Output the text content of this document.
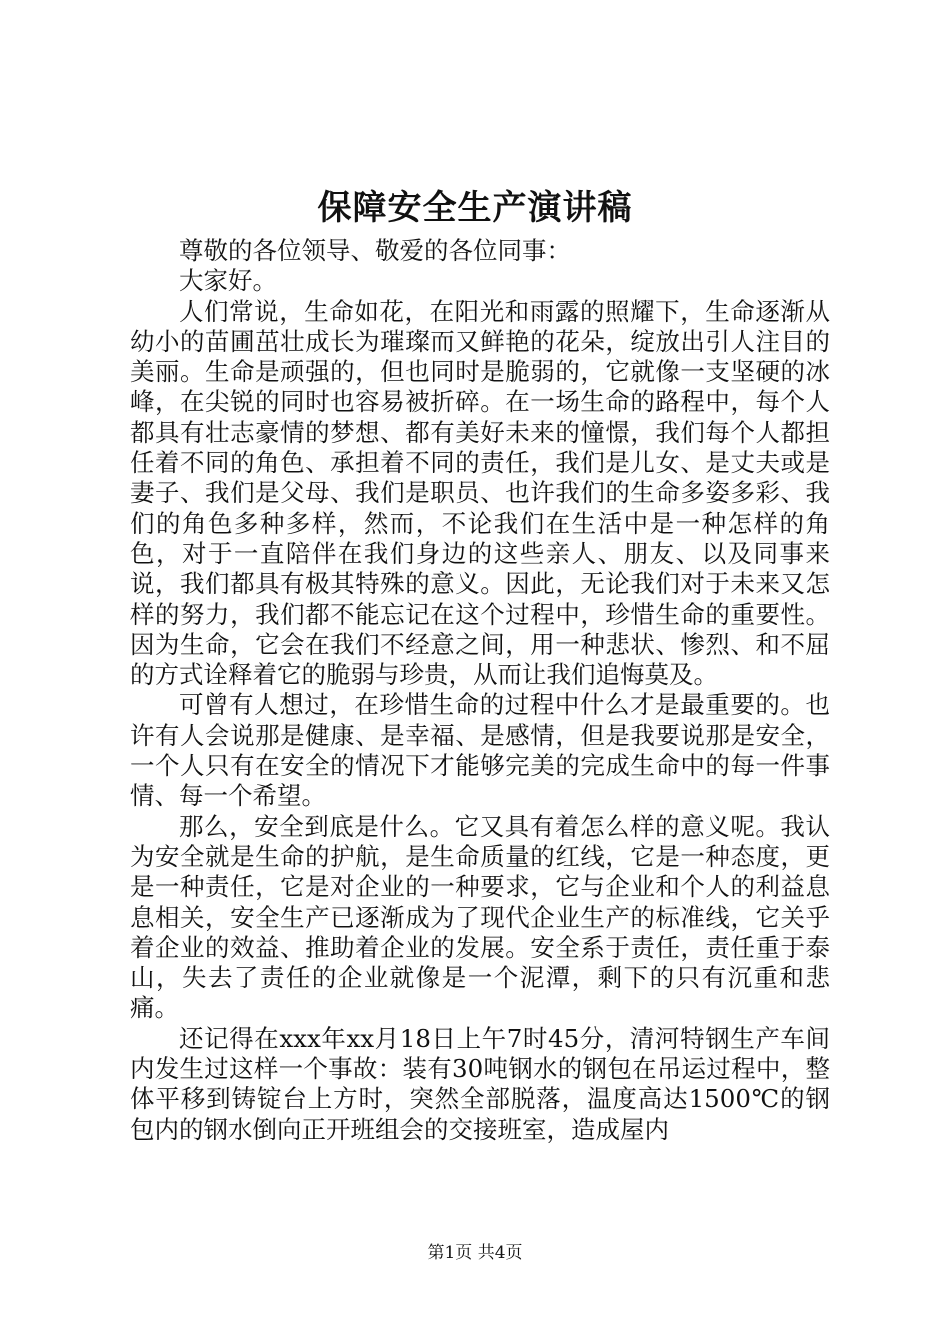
保障安全生产演讲稿

尊敬的各位领导、敬爱的各位同事：

大家好。

人们常说，生命如花，在阳光和雨露的照耀下，生命逐渐从幼小的苗圃茁壮成长为璀璨而又鲜艳的花朵，绽放出引人注目的美丽。生命是顽强的，但也同时是脆弱的，它就像一支坚硬的冰峰，在尖锐的同时也容易被折碎。在一场生命的路程中，每个人都具有壮志豪情的梦想、都有美好未来的憧憬，我们每个人都担任着不同的角色、承担着不同的责任，我们是儿女、是丈夫或是妻子、我们是父母、我们是职员、也许我们的生命多姿多彩、我们的角色多种多样，然而，不论我们在生活中是一种怎样的角色，对于一直陪伴在我们身边的这些亲人、朋友、以及同事来说，我们都具有极其特殊的意义。因此，无论我们对于未来又怎样的努力，我们都不能忘记在这个过程中，珍惜生命的重要性。因为生命，它会在我们不经意之间，用一种悲状、惨烈、和不屈的方式诠释着它的脆弱与珍贵，从而让我们追悔莫及。

可曾有人想过，在珍惜生命的过程中什么才是最重要的。也许有人会说那是健康、是幸福、是感情，但是我要说那是安全，一个人只有在安全的情况下才能够完美的完成生命中的每一件事情、每一个希望。

那么，安全到底是什么。它又具有着怎么样的意义呢。我认为安全就是生命的护航，是生命质量的红线，它是一种态度，更是一种责任，它是对企业的一种要求，它与企业和个人的利益息息相关，安全生产已逐渐成为了现代企业生产的标准线，它关乎着企业的效益、推助着企业的发展。安全系于责任，责任重于泰山，失去了责任的企业就像是一个泥潭，剩下的只有沉重和悲痛。

还记得在xxx年xx月18日上午7时45分，清河特钢生产车间内发生过这样一个事故：装有30吨钢水的钢包在吊运过程中，整体平移到铸锭台上方时，突然全部脱落，温度高达1500℃的钢包内的钢水倒向正开班组会的交接班室，造成屋内

第1页 共4页
